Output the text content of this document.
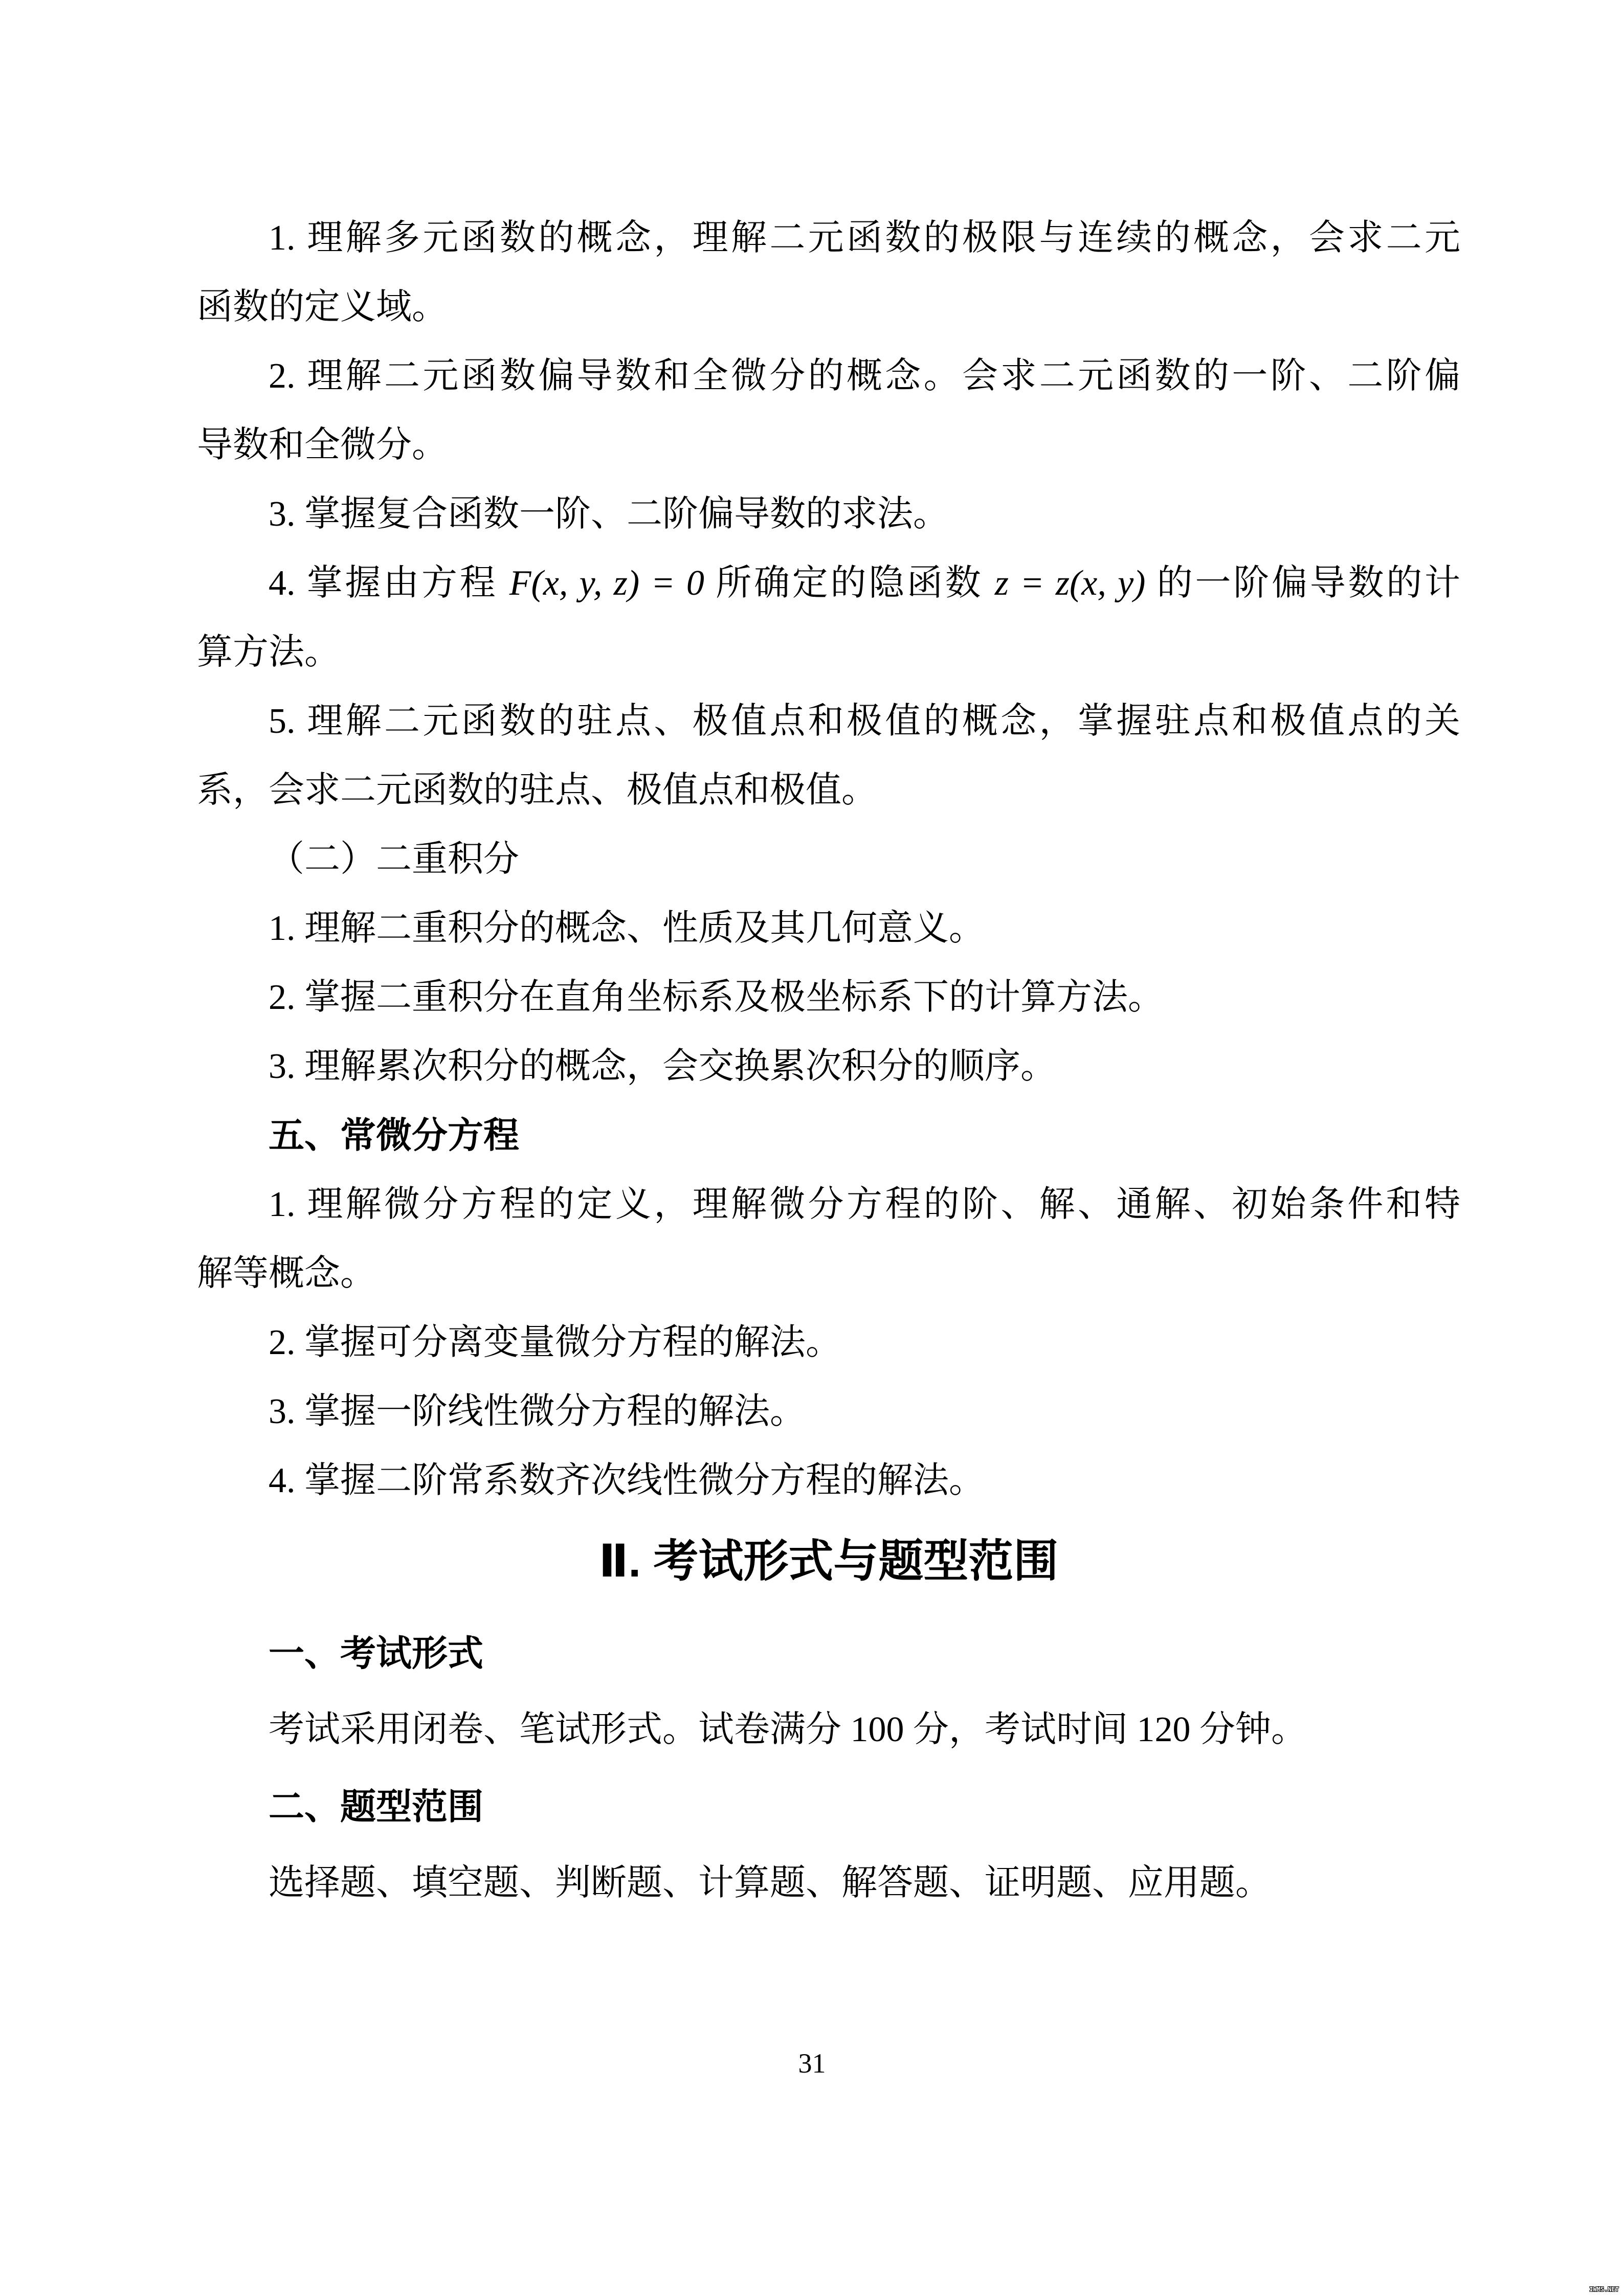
1. 理解多元函数的概念，理解二元函数的极限与连续的概念，会求二元
函数的定义域。
2. 理解二元函数偏导数和全微分的概念。会求二元函数的一阶、二阶偏
导数和全微分。
3. 掌握复合函数一阶、二阶偏导数的求法。
4. 掌握由方程 F(x, y, z) = 0 所确定的隐函数 z = z(x, y) 的一阶偏导数的计
算方法。
5. 理解二元函数的驻点、极值点和极值的概念，掌握驻点和极值点的关
系，会求二元函数的驻点、极值点和极值。
（二）二重积分
1. 理解二重积分的概念、性质及其几何意义。
2. 掌握二重积分在直角坐标系及极坐标系下的计算方法。
3. 理解累次积分的概念，会交换累次积分的顺序。
五、常微分方程
1. 理解微分方程的定义，理解微分方程的阶、解、通解、初始条件和特
解等概念。
2. 掌握可分离变量微分方程的解法。
3. 掌握一阶线性微分方程的解法。
4. 掌握二阶常系数齐次线性微分方程的解法。
Ⅱ. 考试形式与题型范围
一、考试形式
考试采用闭卷、笔试形式。试卷满分 100 分，考试时间 120 分钟。
二、题型范围
选择题、填空题、判断题、计算题、解答题、证明题、应用题。
31
IWMS.NET
